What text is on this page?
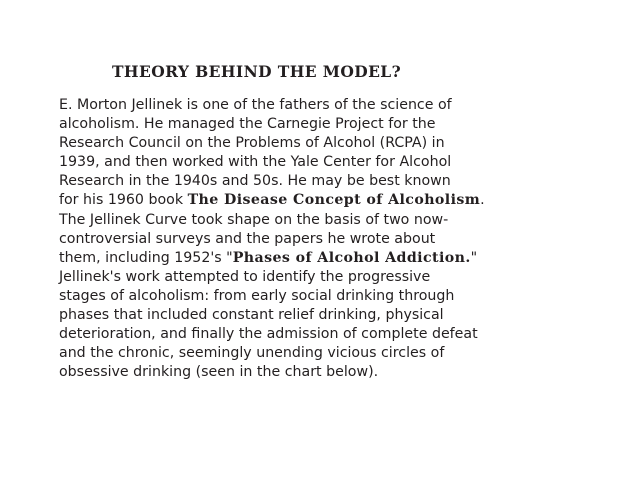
THEORY BEHIND THE MODEL?
E. Morton Jellinek is one of the fathers of the science of
alcoholism. He managed the Carnegie Project for the
Research Council on the Problems of Alcohol (RCPA) in
1939, and then worked with the Yale Center for Alcohol
Research in the 1940s and 50s. He may be best known
for his 1960 book The Disease Concept of Alcoholism.
The Jellinek Curve took shape on the basis of two now-
controversial surveys and the papers he wrote about
them, including 1952's "Phases of Alcohol Addiction."
Jellinek's work attempted to identify the progressive
stages of alcoholism: from early social drinking through
phases that included constant relief drinking, physical
deterioration, and finally the admission of complete defeat
and the chronic, seemingly unending vicious circles of
obsessive drinking (seen in the chart below).
